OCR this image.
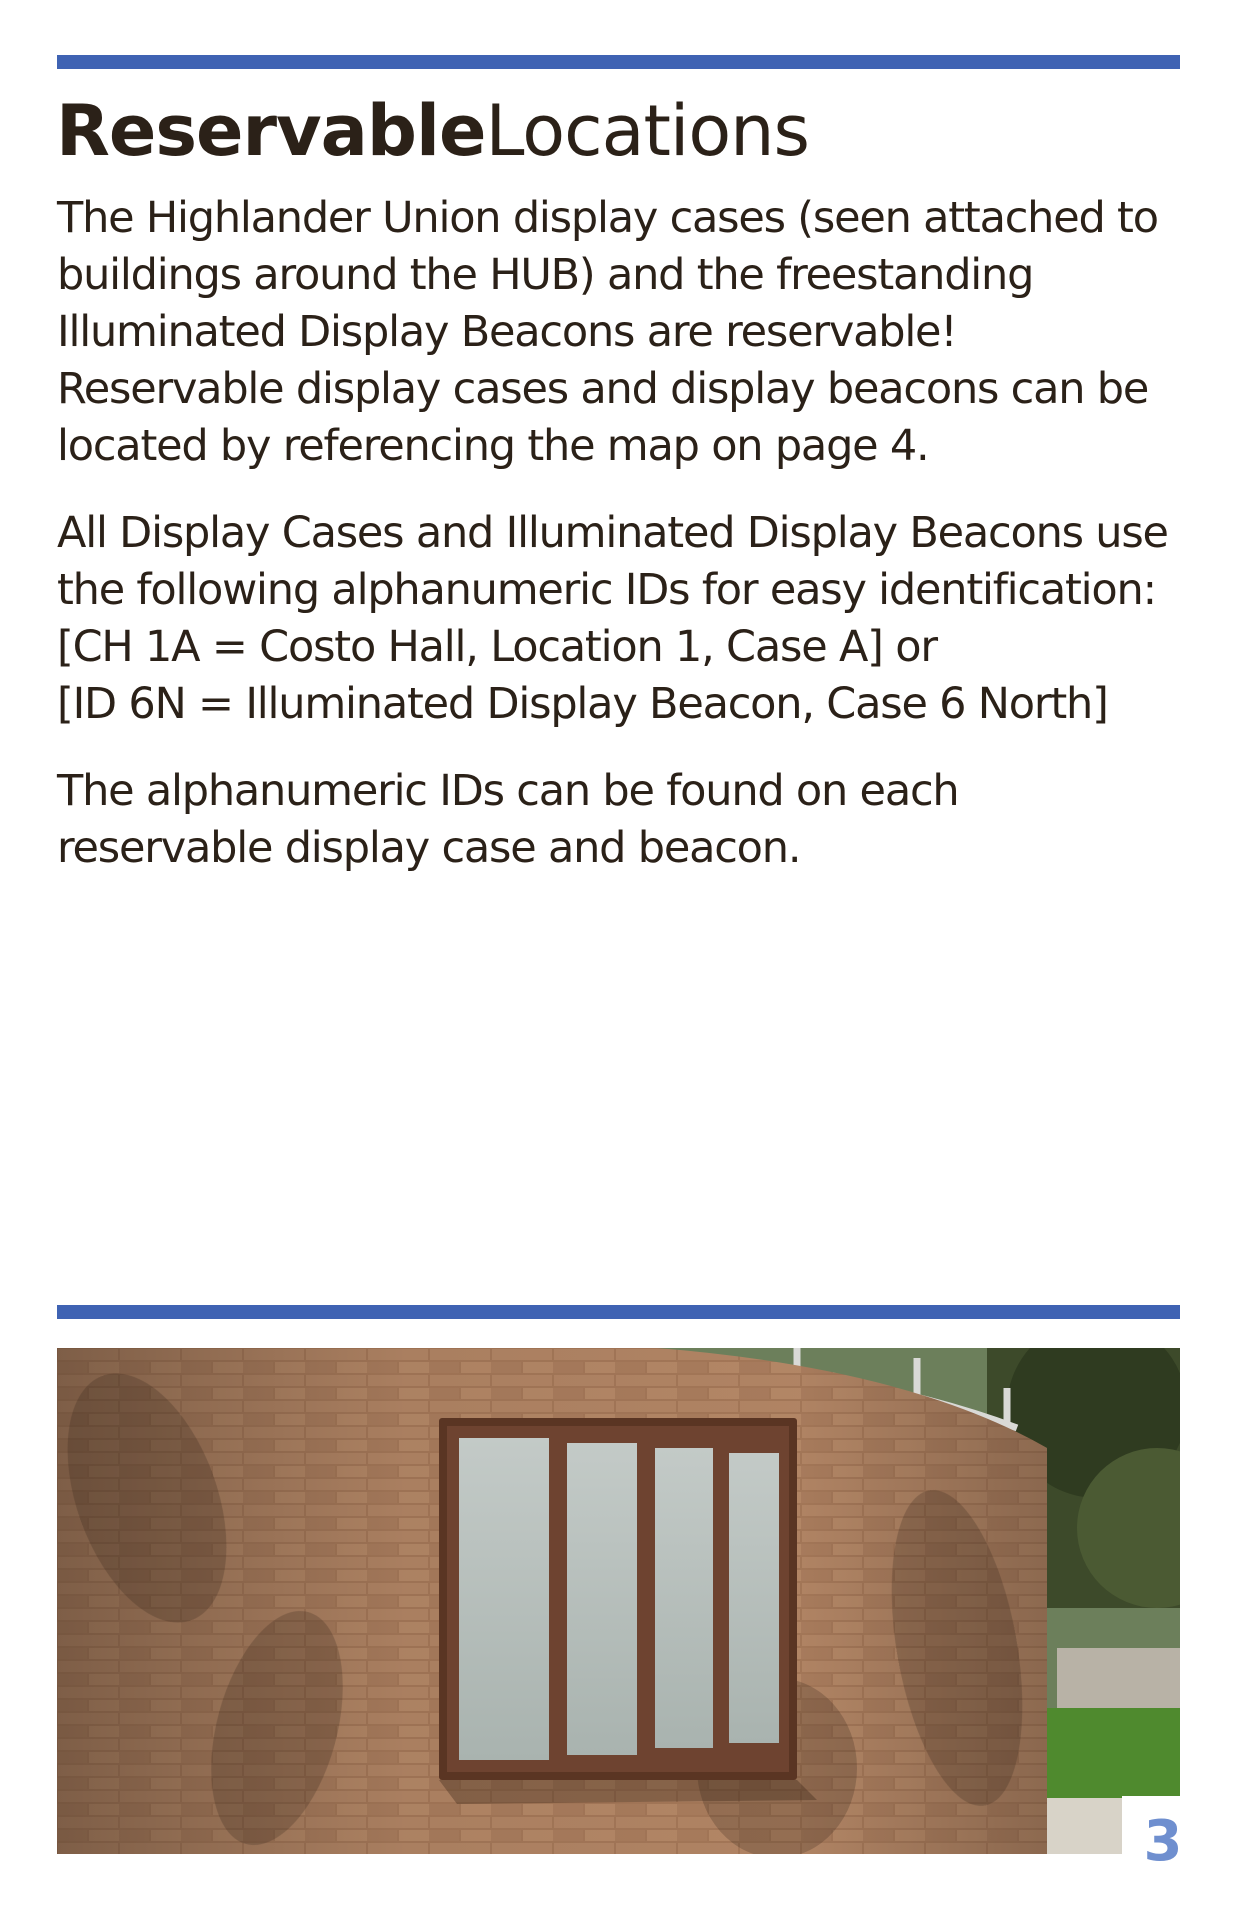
ReservableLocations

The Highlander Union display cases (seen attached to
buildings around the HUB) and the freestanding
Illuminated Display Beacons are reservable!
Reservable display cases and display beacons can be
located by referencing the map on page 4.

All Display Cases and Illuminated Display Beacons use
the following alphanumeric IDs for easy identification:
[CH 1A = Costo Hall, Location 1, Case A] or
[ID 6N = Illuminated Display Beacon, Case 6 North]

The alphanumeric IDs can be found on each
reservable display case and beacon.

3
